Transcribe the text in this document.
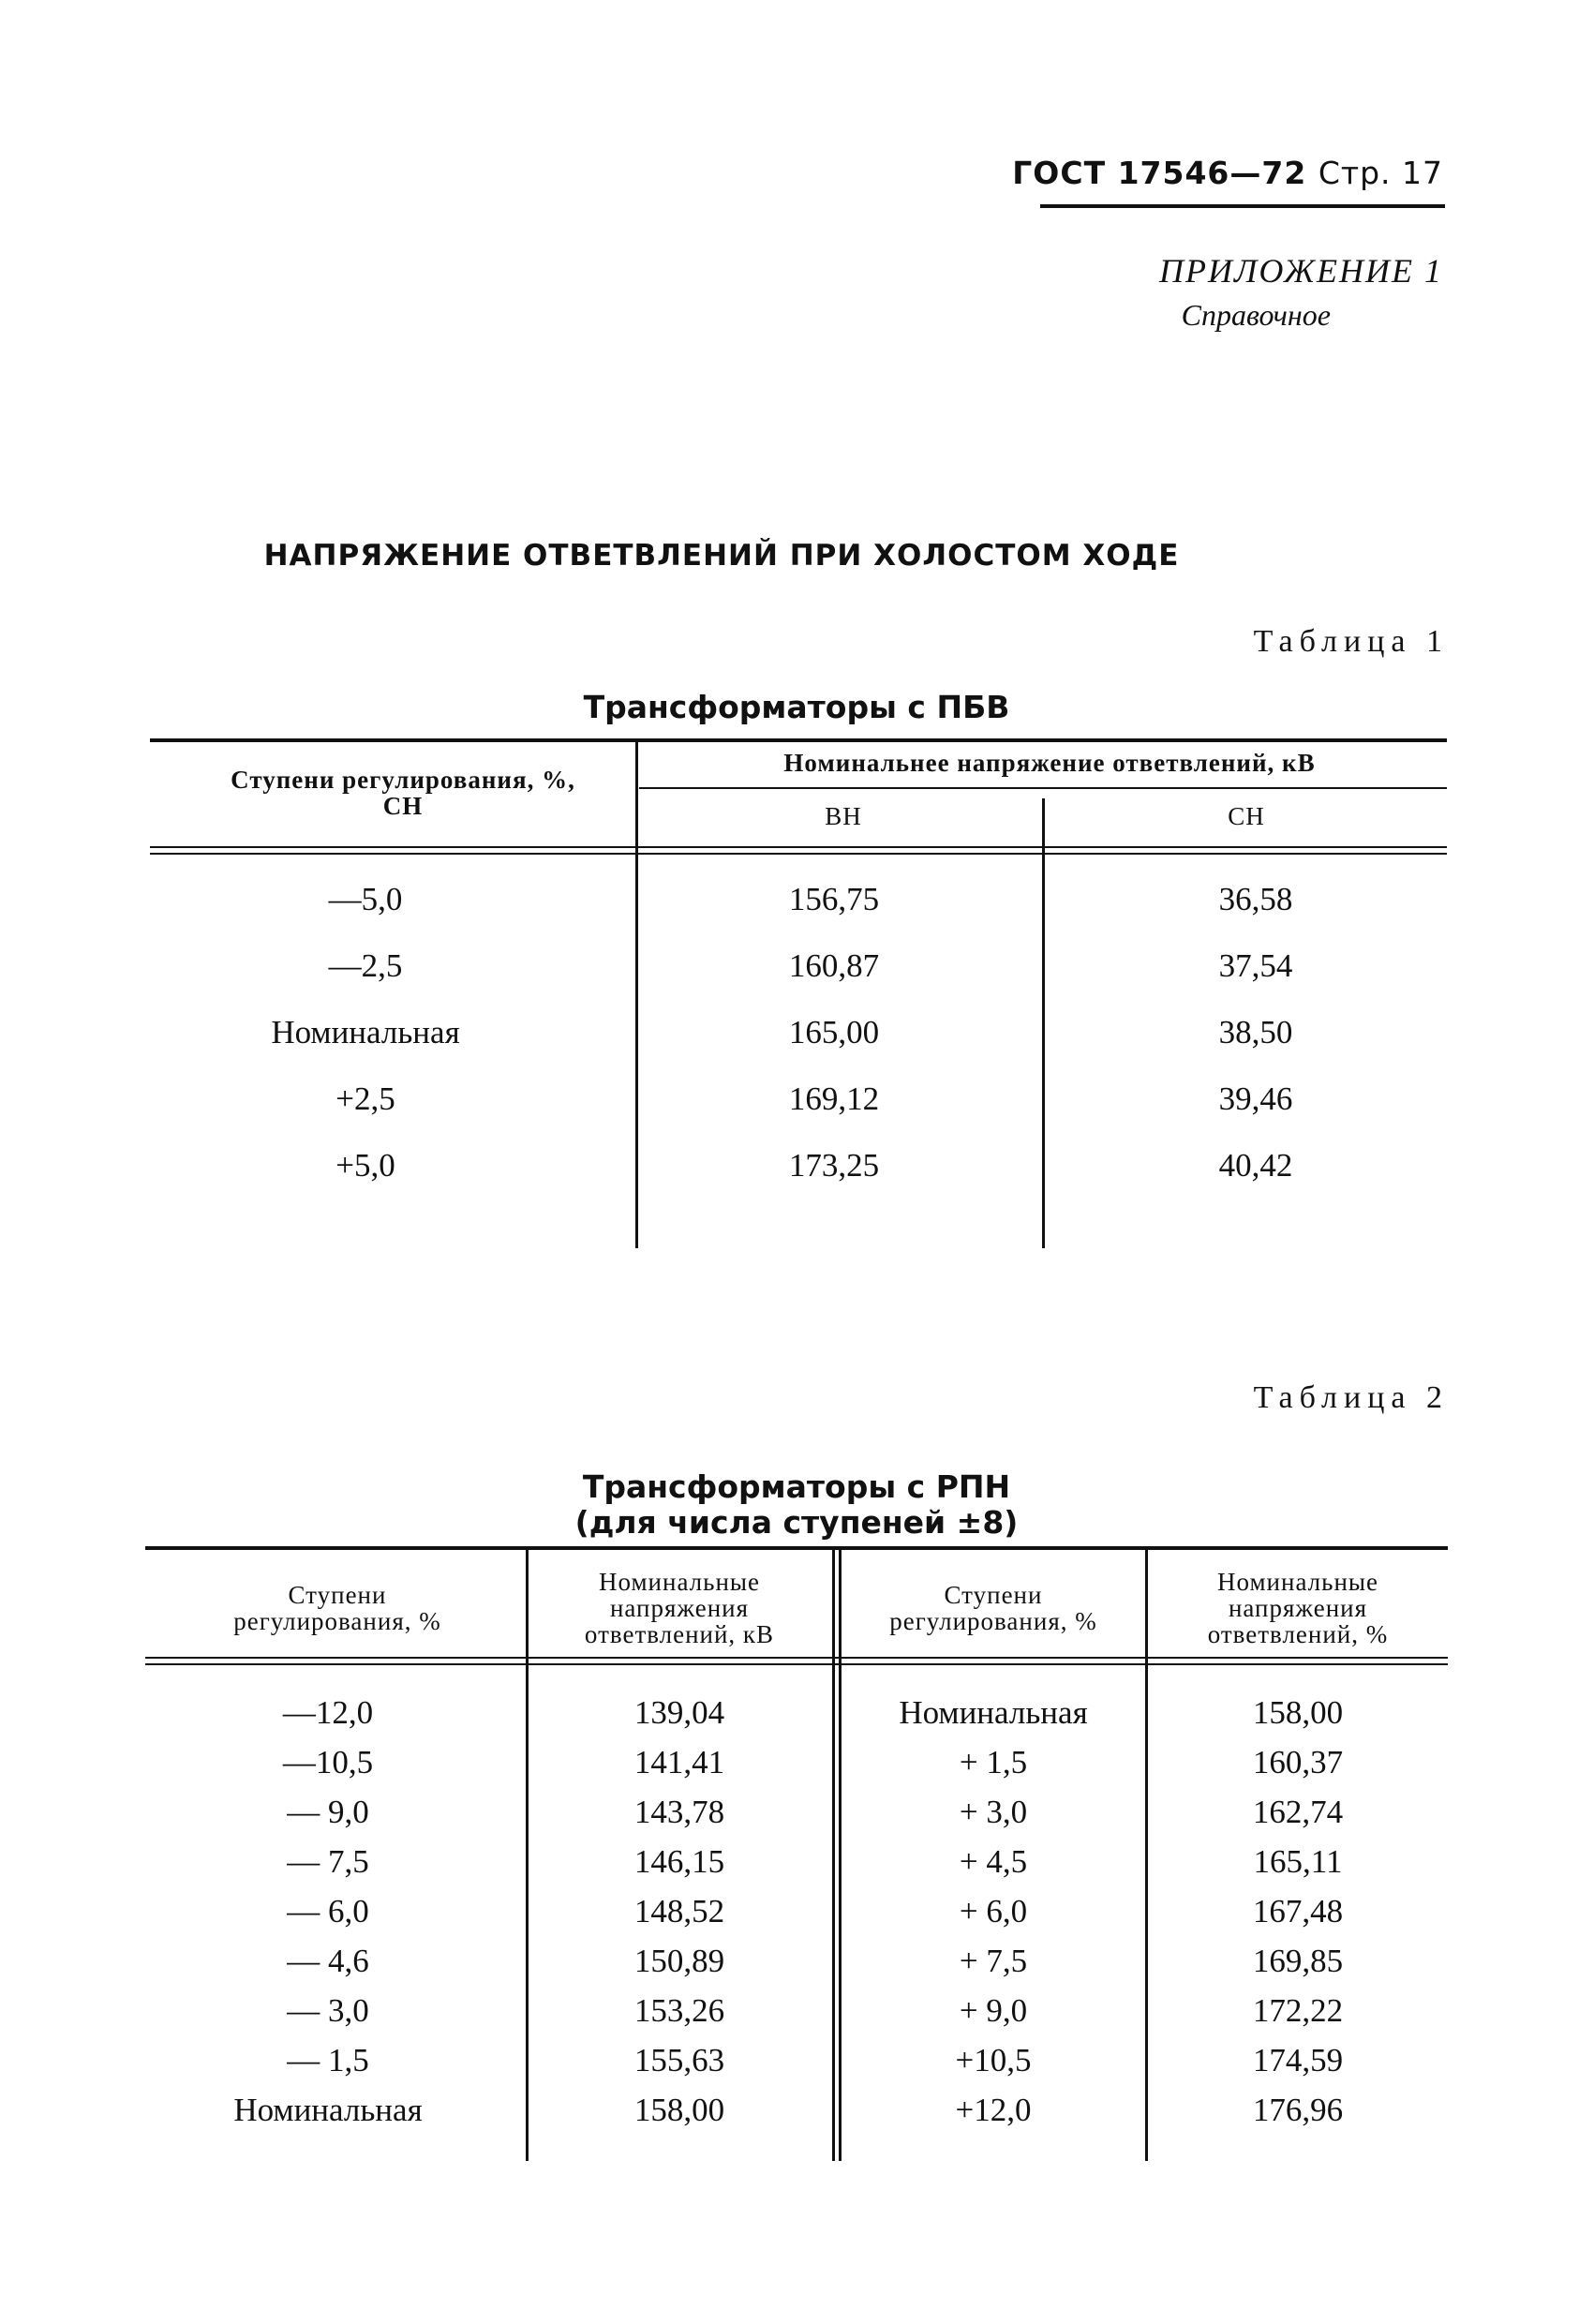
ГОСТ 17546—72 Стр. 17
ПРИЛОЖЕНИЕ 1
Справочное
НАПРЯЖЕНИЕ ОТВЕТВЛЕНИЙ ПРИ ХОЛОСТОМ ХОДЕ
Таблица 1
Трансформаторы с ПБВ
Ступени регулирования, %, СН
Номинальнее напряжение ответвлений, кВ
ВН	СН
—5,0	156,75	36,58
—2,5	160,87	37,54
Номинальная	165,00	38,50
+2,5	169,12	39,46
+5,0	173,25	40,42
Таблица 2
Трансформаторы с РПН
(для числа ступеней ±8)
Ступени регулирования, %
Номинальные напряжения ответвлений, кВ
Ступени регулирования, %
Номинальные напряжения ответвлений, %
—12,0	139,04	Номинальная	158,00
—10,5	141,41	+ 1,5	160,37
— 9,0	143,78	+ 3,0	162,74
— 7,5	146,15	+ 4,5	165,11
— 6,0	148,52	+ 6,0	167,48
— 4,6	150,89	+ 7,5	169,85
— 3,0	153,26	+ 9,0	172,22
— 1,5	155,63	+10,5	174,59
Номинальная	158,00	+12,0	176,96
